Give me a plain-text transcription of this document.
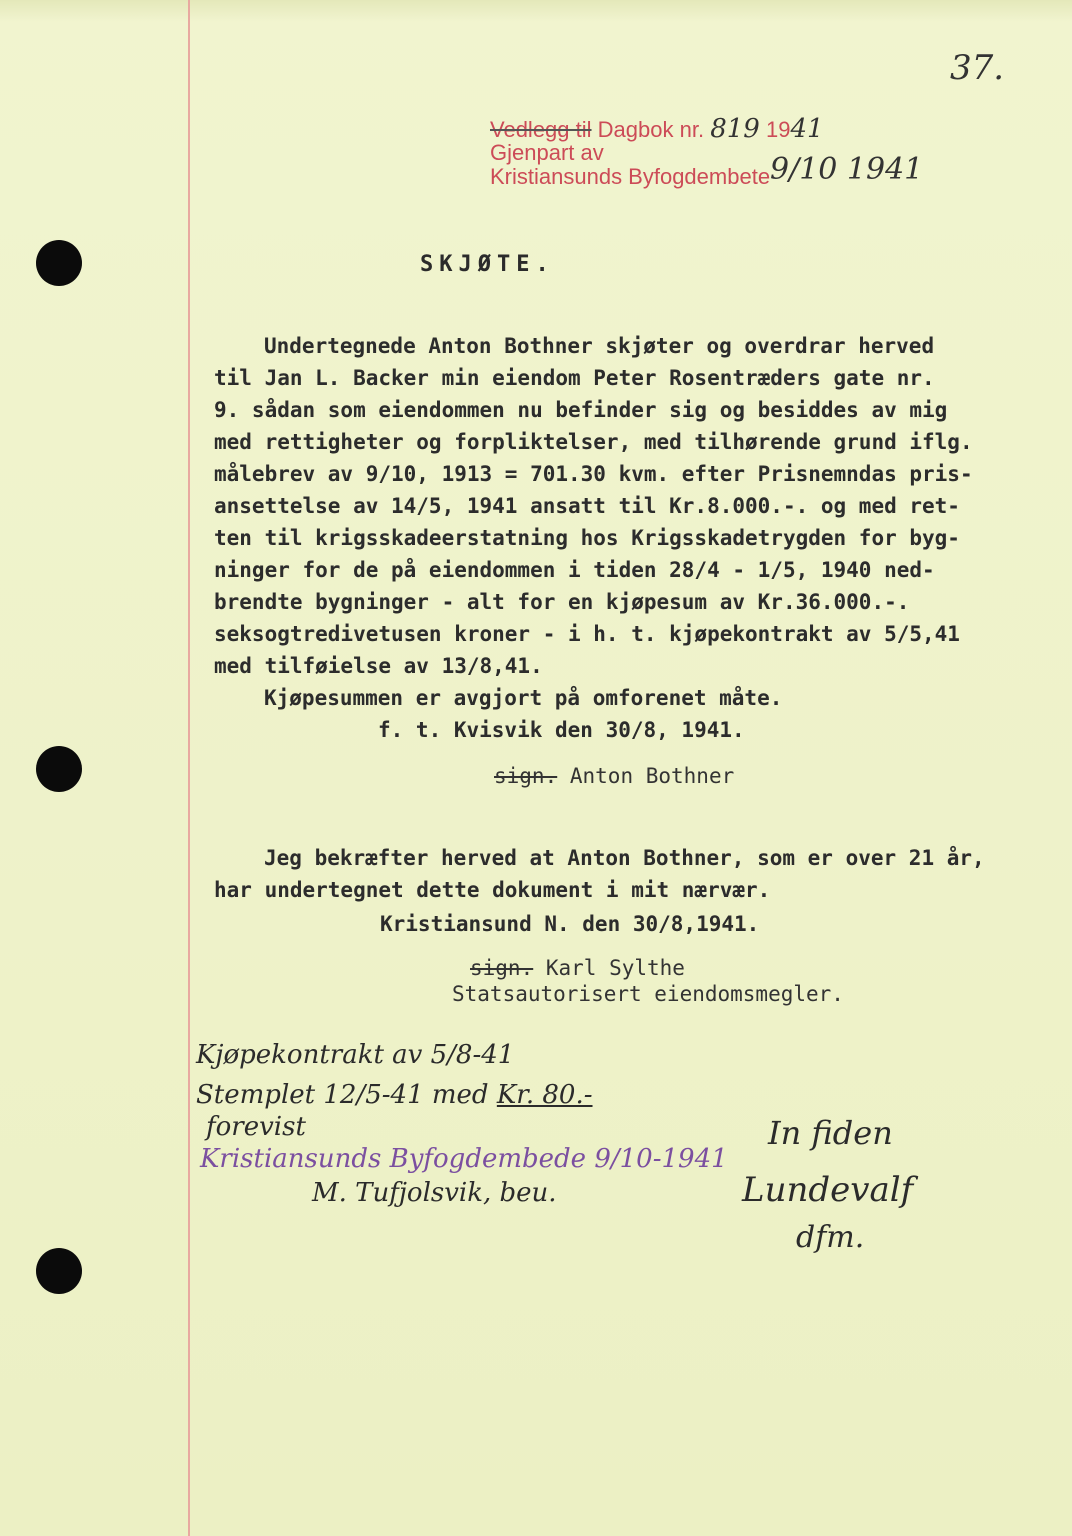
37.
Vedlegg til Dagbok nr. 819 1941
Gjenpart av
Kristiansunds Byfogdembete 9/10 1941
SKJØTE.
Undertegnede Anton Bothner skjøter og overdrar herved
til Jan L. Backer min eiendom Peter Rosentræders gate nr.
9. sådan som eiendommen nu befinder sig og besiddes av mig
med rettigheter og forpliktelser, med tilhørende grund iflg.
målebrev av 9/10, 1913 = 701.30 kvm. efter Prisnemndas pris-
ansettelse av 14/5, 1941 ansatt til Kr.8.000.-. og med ret-
ten til krigsskadeerstatning hos Krigsskadetrygden for byg-
ninger for de på eiendommen i tiden 28/4 - 1/5, 1940 ned-
brendte bygninger - alt for en kjøpesum av Kr.36.000.-.
seksogtredivetusen kroner - i h. t. kjøpekontrakt av 5/5,41
med tilføielse av 13/8,41.
Kjøpesummen er avgjort på omforenet måte.
f. t. Kvisvik den 30/8, 1941.
sign. Anton Bothner
Jeg bekræfter herved at Anton Bothner, som er over 21 år,
har undertegnet dette dokument i mit nærvær.
Kristiansund N. den 30/8,1941.
sign. Karl Sylthe
Statsautorisert eiendomsmegler.
Kjøpekontrakt av 5/8-41
Stemplet 12/5-41 med Kr. 80.-
forevist
Kristiansunds Byfogdembede 9/10-1941
M. Tufjolsvik, beu.
In fiden
Lundevalf
dfm.
